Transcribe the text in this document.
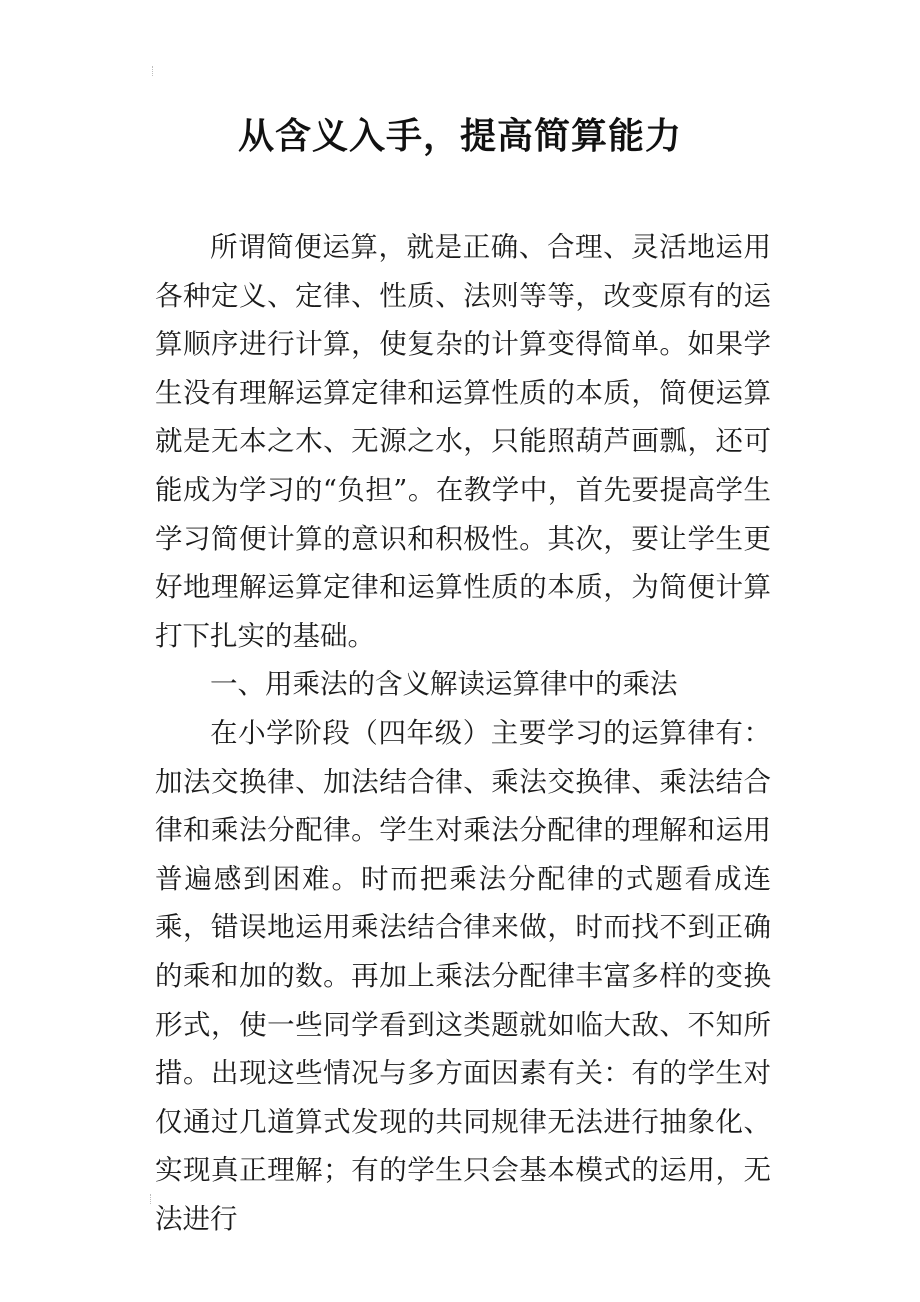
从含义入手，提高简算能力

所谓简便运算，就是正确、合理、灵活地运用各种定义、定律、性质、法则等等，改变原有的运算顺序进行计算，使复杂的计算变得简单。如果学生没有理解运算定律和运算性质的本质，简便运算就是无本之木、无源之水，只能照葫芦画瓢，还可能成为学习的“负担”。在教学中，首先要提高学生学习简便计算的意识和积极性。其次，要让学生更好地理解运算定律和运算性质的本质，为简便计算打下扎实的基础。

一、用乘法的含义解读运算律中的乘法

在小学阶段（四年级）主要学习的运算律有：加法交换律、加法结合律、乘法交换律、乘法结合律和乘法分配律。学生对乘法分配律的理解和运用普遍感到困难。时而把乘法分配律的式题看成连乘，错误地运用乘法结合律来做，时而找不到正确的乘和加的数。再加上乘法分配律丰富多样的变换形式，使一些同学看到这类题就如临大敌、不知所措。出现这些情况与多方面因素有关：有的学生对仅通过几道算式发现的共同规律无法进行抽象化、实现真正理解；有的学生只会基本模式的运用，无法进行
